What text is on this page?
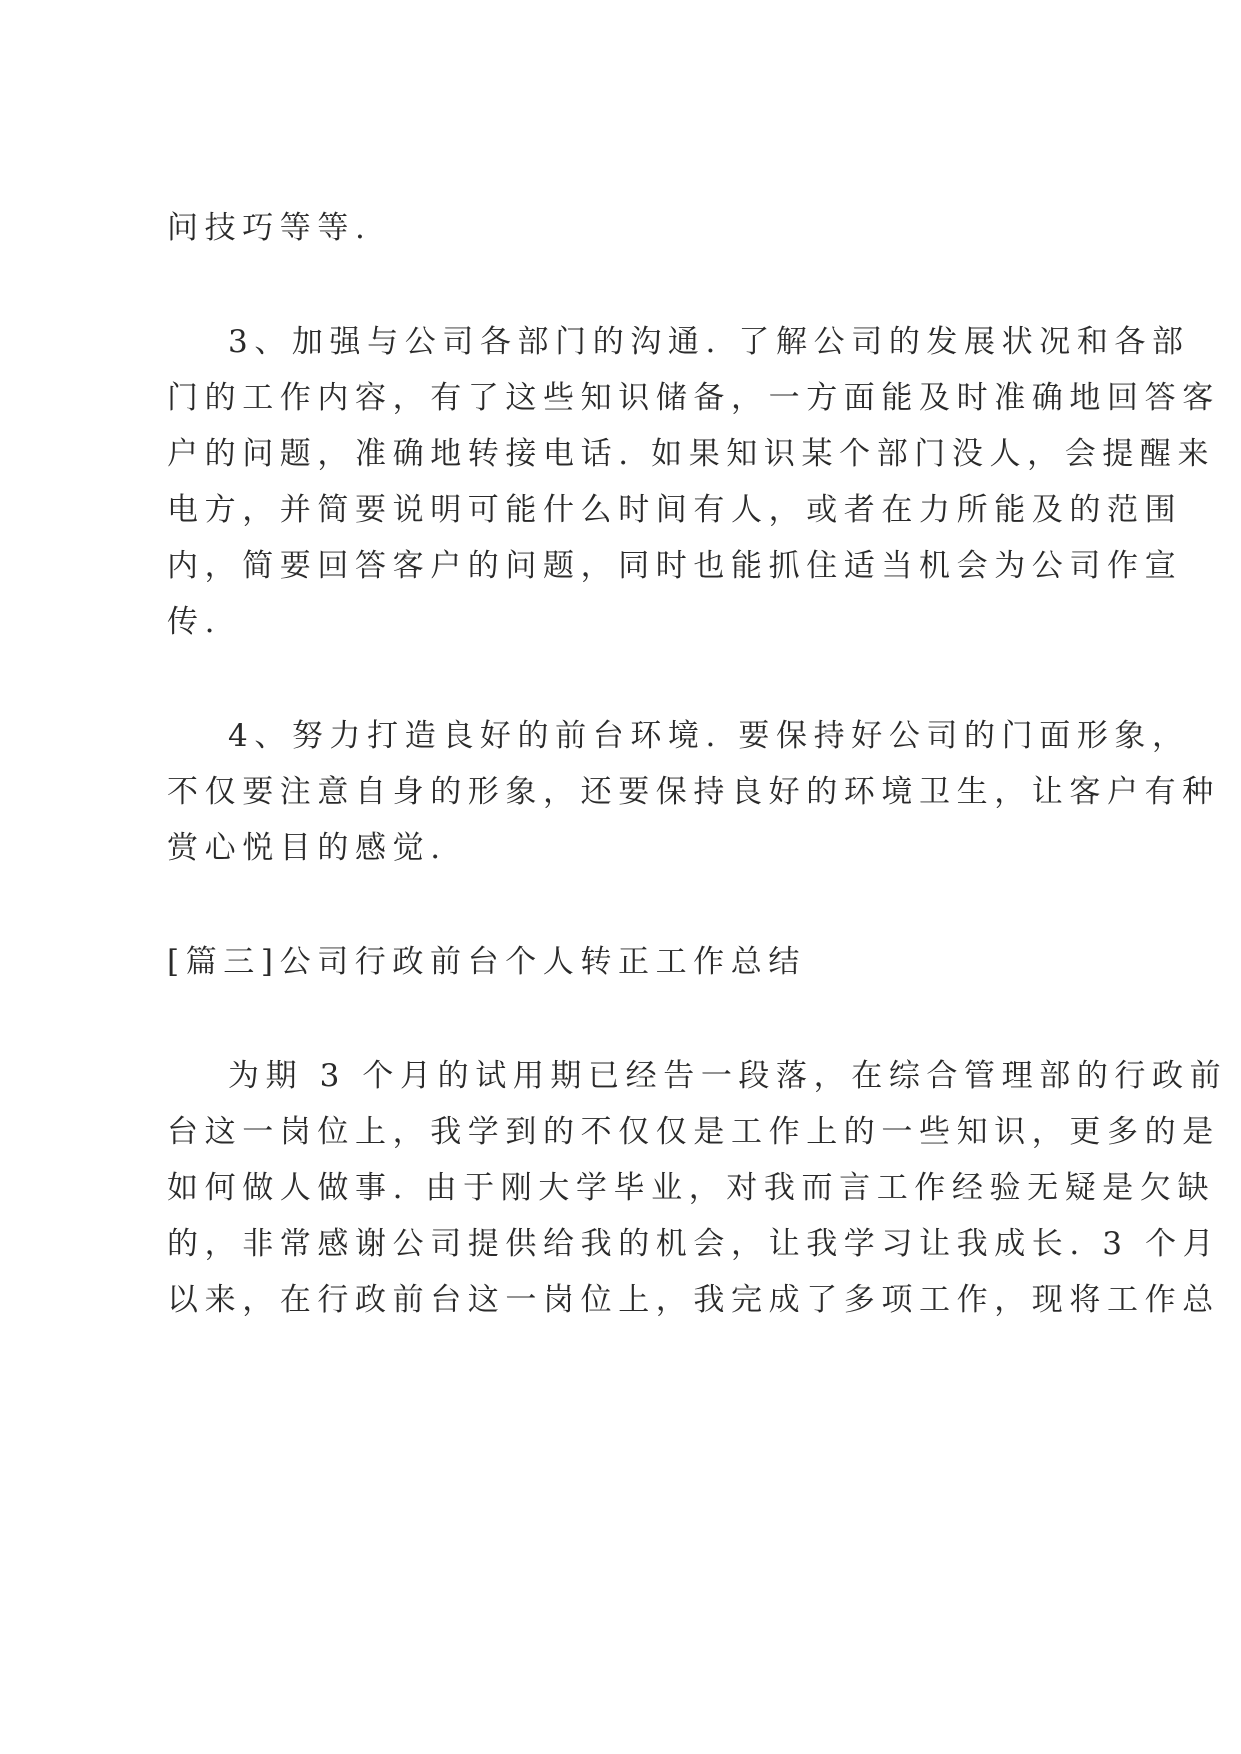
问技巧等等.

3、加强与公司各部门的沟通. 了解公司的发展状况和各部

门的工作内容，有了这些知识储备，一方面能及时准确地回答客

户的问题，准确地转接电话. 如果知识某个部门没人，会提醒来

电方，并简要说明可能什么时间有人，或者在力所能及的范围

内，简要回答客户的问题，同时也能抓住适当机会为公司作宣

传.

4、努力打造良好的前台环境. 要保持好公司的门面形象，

不仅要注意自身的形象，还要保持良好的环境卫生，让客户有种

赏心悦目的感觉.

[篇三]公司行政前台个人转正工作总结

为期 3 个月的试用期已经告一段落，在综合管理部的行政前

台这一岗位上，我学到的不仅仅是工作上的一些知识，更多的是

如何做人做事. 由于刚大学毕业，对我而言工作经验无疑是欠缺

的，非常感谢公司提供给我的机会，让我学习让我成长. 3 个月

以来，在行政前台这一岗位上，我完成了多项工作，现将工作总
